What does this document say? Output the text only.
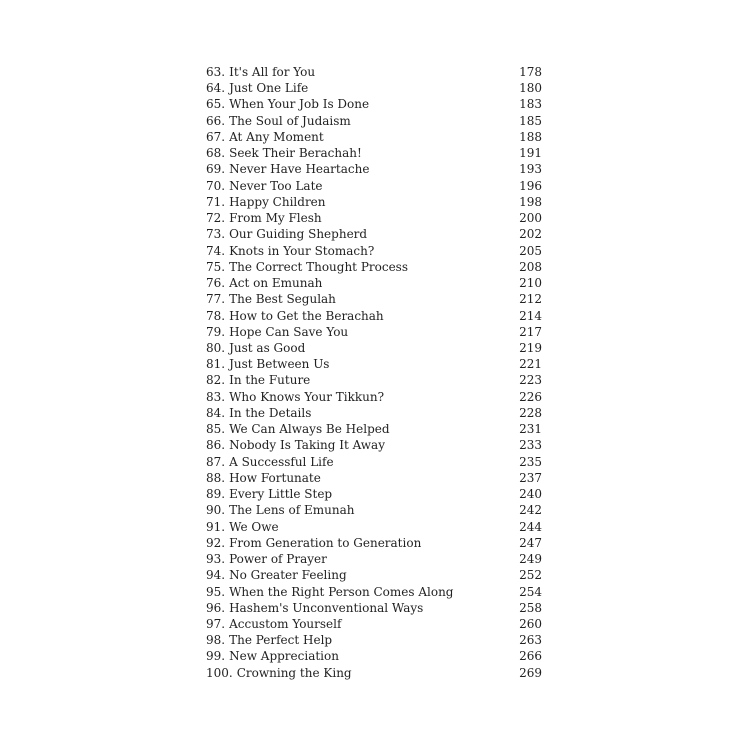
63. It's All for You	178
64. Just One Life	180
65. When Your Job Is Done	183
66. The Soul of Judaism	185
67. At Any Moment	188
68. Seek Their Berachah!	191
69. Never Have Heartache	193
70. Never Too Late	196
71. Happy Children	198
72. From My Flesh	200
73. Our Guiding Shepherd	202
74. Knots in Your Stomach?	205
75. The Correct Thought Process	208
76. Act on Emunah	210
77. The Best Segulah	212
78. How to Get the Berachah	214
79. Hope Can Save You	217
80. Just as Good	219
81. Just Between Us	221
82. In the Future	223
83. Who Knows Your Tikkun?	226
84. In the Details	228
85. We Can Always Be Helped	231
86. Nobody Is Taking It Away	233
87. A Successful Life	235
88. How Fortunate	237
89. Every Little Step	240
90. The Lens of Emunah	242
91. We Owe	244
92. From Generation to Generation	247
93. Power of Prayer	249
94. No Greater Feeling	252
95. When the Right Person Comes Along	254
96. Hashem's Unconventional Ways	258
97. Accustom Yourself	260
98. The Perfect Help	263
99. New Appreciation	266
100. Crowning the King	269
